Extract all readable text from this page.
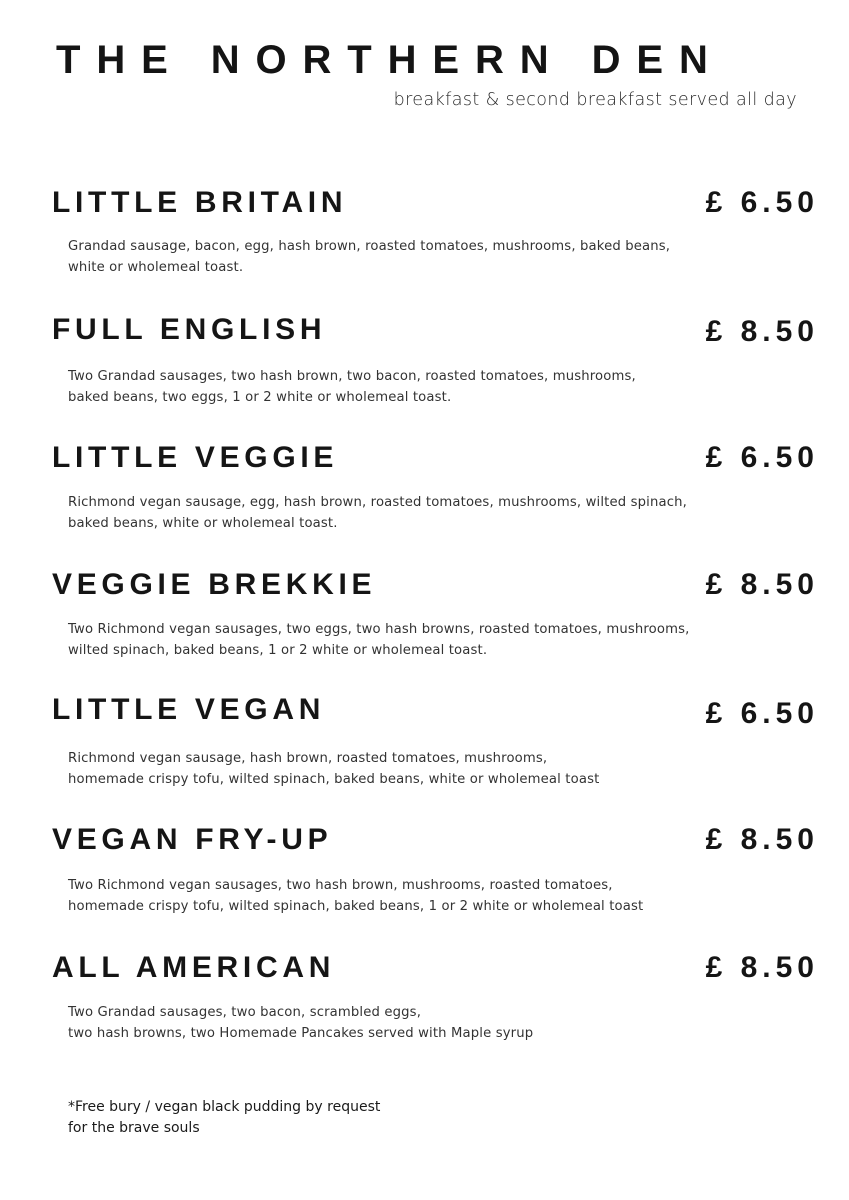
THE NORTHERN DEN

breakfast & second breakfast served all day

LITTLE BRITAIN	£ 6.50

Grandad sausage, bacon, egg, hash brown, roasted tomatoes, mushrooms, baked beans,
white or wholemeal toast.

FULL ENGLISH	£ 8.50

Two Grandad sausages, two hash brown, two bacon, roasted tomatoes, mushrooms,
baked beans, two eggs, 1 or 2 white or wholemeal toast.

LITTLE VEGGIE	£ 6.50

Richmond vegan sausage, egg, hash brown, roasted tomatoes, mushrooms, wilted spinach,
baked beans, white or wholemeal toast.

VEGGIE BREKKIE	£ 8.50

Two Richmond vegan sausages, two eggs, two hash browns, roasted tomatoes, mushrooms,
wilted spinach, baked beans, 1 or 2 white or wholemeal toast.

LITTLE VEGAN	£ 6.50

Richmond vegan sausage, hash brown, roasted tomatoes, mushrooms,
homemade crispy tofu, wilted spinach, baked beans, white or wholemeal toast

VEGAN FRY-UP	£ 8.50

Two Richmond vegan sausages, two hash brown, mushrooms, roasted tomatoes,
homemade crispy tofu, wilted spinach, baked beans, 1 or 2 white or wholemeal toast

ALL AMERICAN	£ 8.50

Two Grandad sausages, two bacon, scrambled eggs,
two hash browns, two Homemade Pancakes served with Maple syrup

*Free bury / vegan black pudding by request
for the brave souls
